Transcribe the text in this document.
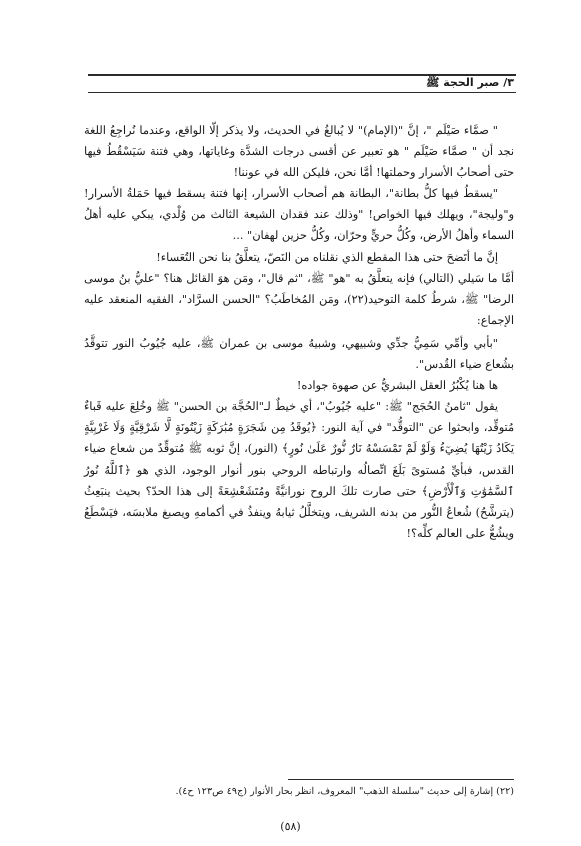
٣/ صبر الحجة ﷺ

" صمَّاء صَيْلَم "، إنَّ "(الإمام)" لا يُبالغُ في الحديث، ولا يذكر إلّا الواقع، وعندما نُراجِعُ اللغة نجد أن " صمَّاء صَيْلَم " هو تعبير عن أقسى درجات الشدَّة وغاياتها، وهي فتنة سَيَسْقُطُ فيها حتى أصحابُ الأسرار وحملتها! أمَّا نحن، فليكن الله في عوننا!

"يسقطُ فيها كلُّ بطانة"، البطانة هم أصحاب الأسرار، إنها فتنة يسقط فيها حَمَلةُ الأسرار! و"وليجة"، ويهلك فيها الخواص! "وذلك عند فقدان الشيعة الثالث من وُلْدي، يبكي عليه أهلُ السماء وأهلُ الأرض، وكُلُّ حريٍّ وحرّان، وكُلُّ حزين لهفان" ...

إنَّ ما أتَضحَ حتى هذا المقطع الذي نقلناه من النَصّ، يتعلَّقُ بنا نحن التُعَساء!

أمَّا ما سَيلي (التالي) فإنه يتعلَّقُ به "هو" ﷺ، "ثم قال"، ومَن هوَ القائل هنا؟ "عليُّ بنُ موسى الرضا" ﷺ، شرطُ كلمة التوحيد(٢٢)، ومَن المُخاطَبُ؟ "الحسن السرَّاد"، الفقيه المنعقد عليه الإجماع:

"بأبي وأمِّي سَمِيُّ جدِّي وشبيهي، وشبيهُ موسى بن عمران ﷺ، عليه جُيُوبُ النور تتوقَّدُ بشُعاع ضياء القُدس".

ها هنا يُكْبُرُ العقل البشريُّ عن صهوة جواده!

يقول "ثامنُ الحُجَج" ﷺ: "عليه جُيُوبُ"، أي خيطٌ لـ"الحُجَّة بن الحسن" ﷺ وخُلِعَ عليه قَباءٌ مُتوقِّد، وابحثوا عن "التوقُّد" في آية النور: ﴿يُوقَدُ مِن شَجَرَةٍ مُبَٰرَكَةٍ زَيْتُونَةٍ لَّا شَرْقِيَّةٍ وَلَا غَرْبِيَّةٍ يَكَادُ زَيْتُهَا يُضِيٓءُ وَلَوْ لَمْ تَمْسَسْهُ نَارٌ نُّورٌ عَلَىٰ نُورٍ﴾ (النور)، إنَّ ثوبه ﷺ مُتوقِّدٌ من شعاع ضياء القدس، فبأيِّ مُستوىً بَلَغَ اتِّصالُه وارتباطه الروحي بنور أنوار الوجود، الذي هو ﴿ٱللَّهُ نُورُ ٱلسَّمَٰوَٰتِ وَٱلْأَرْضِ﴾ حتى صارت تلكَ الروح نورانيَّةً ومُتَشَعْشِعَةً إلى هذا الحدّ؟ بحيث ينبَعِثُ (يترشَّحُ) شُعاعُ النُّور من بدنه الشريف، ويتخلَّلُ ثيابهُ وينفذُ في أكمامهِ ويصبغ ملابسَه، فيَسْطَعُ ويشُعُّ على العالم كلِّه؟!

(٢٢) إشارة إلى حديث "سلسلة الذهب" المعروف، انظر بحار الأنوار (ج٤٩ ص١٢٣ ح٤).
(٥٨)
